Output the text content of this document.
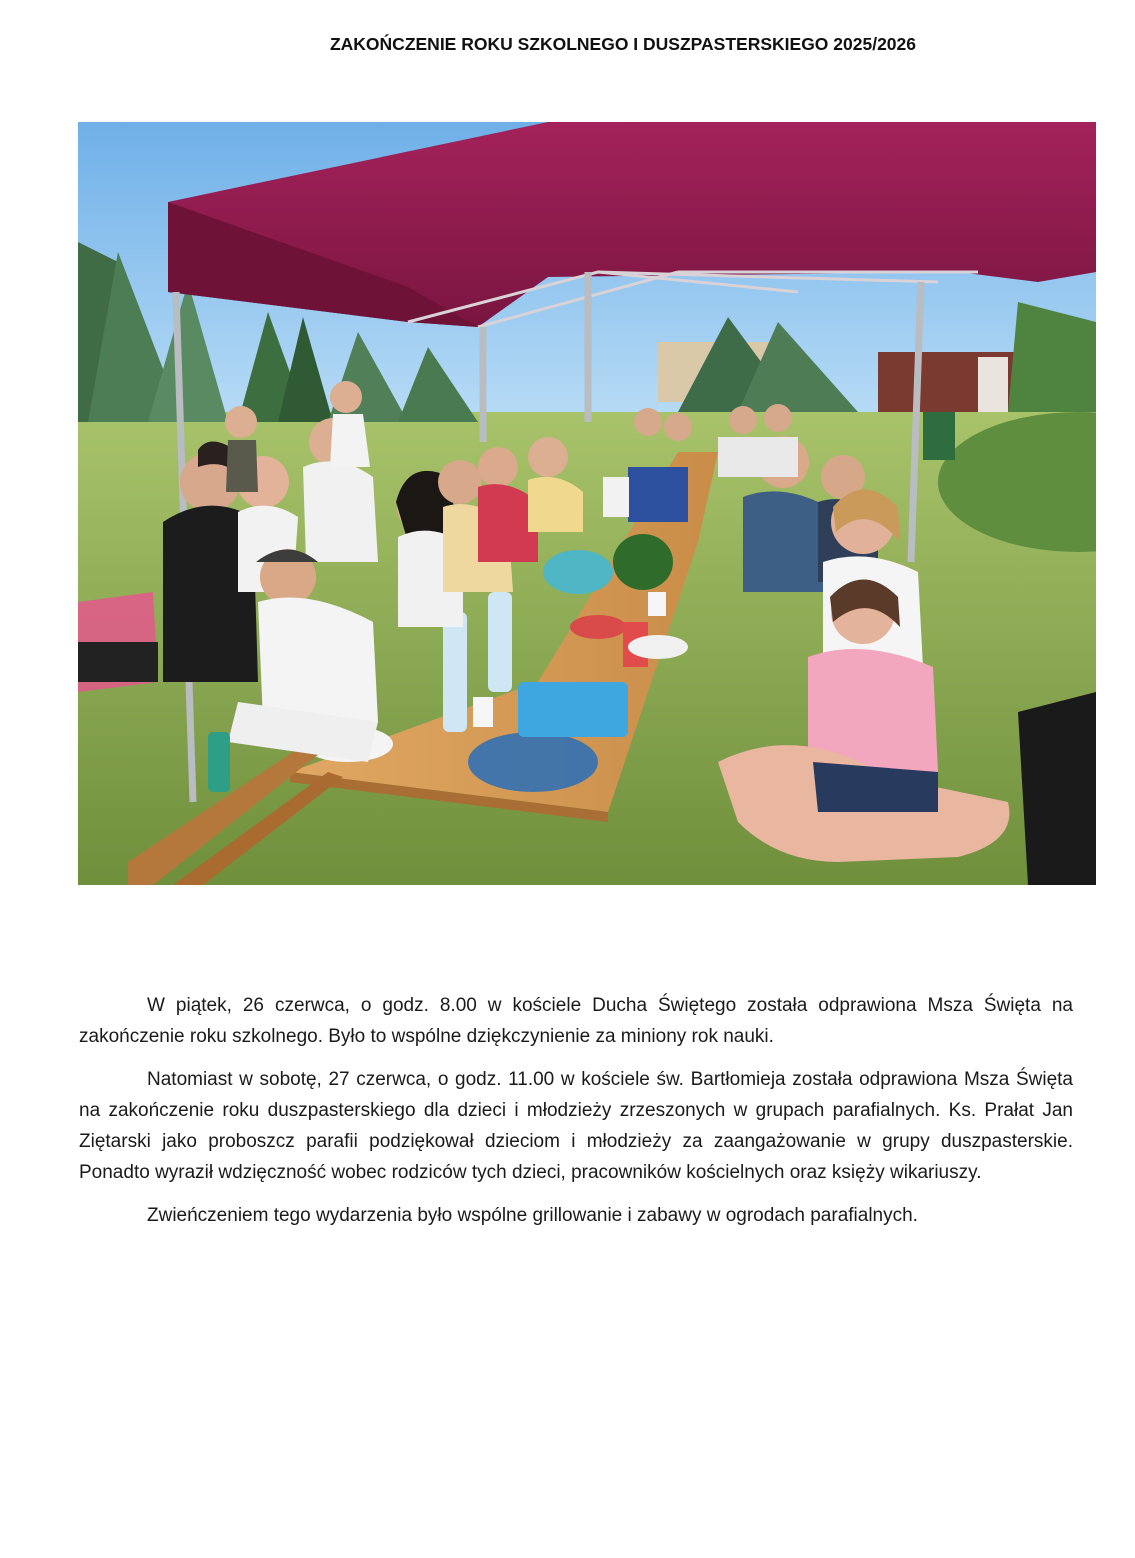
ZAKOŃCZENIE ROKU SZKOLNEGO I DUSZPASTERSKIEGO 2025/2026

W piątek, 26 czerwca, o godz. 8.00 w kościele Ducha Świętego została odprawiona Msza Święta na zakończenie roku szkolnego. Było to wspólne dziękczynienie za miniony rok nauki.

Natomiast w sobotę, 27 czerwca, o godz. 11.00 w kościele św. Bartłomieja została odprawiona Msza Święta na zakończenie roku duszpasterskiego dla dzieci i młodzieży zrzeszonych w grupach parafialnych. Ks. Prałat Jan Ziętarski jako proboszcz parafii podziękował dzieciom i młodzieży za zaangażowanie w grupy duszpasterskie. Ponadto wyraził wdzięczność wobec rodziców tych dzieci, pracowników kościelnych oraz księży wikariuszy.

Zwieńczeniem tego wydarzenia było wspólne grillowanie i zabawy w ogrodach parafialnych.
